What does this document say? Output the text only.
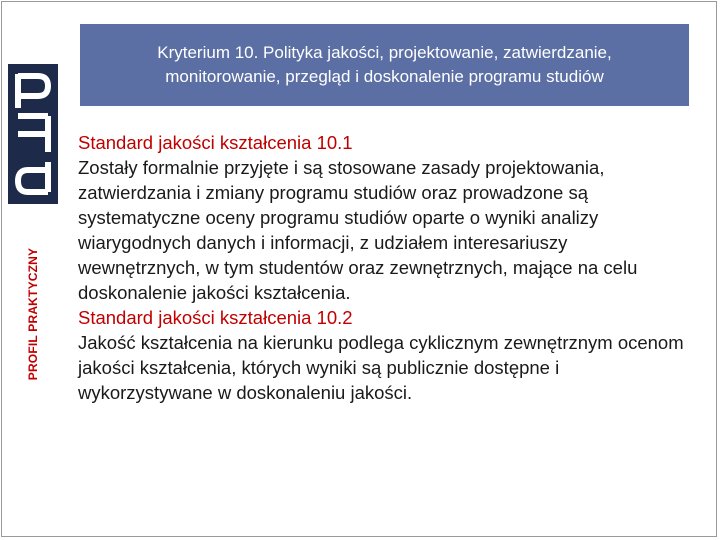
PROFIL PRAKTYCZNY
Kryterium 10. Polityka jakości, projektowanie, zatwierdzanie,
monitorowanie, przegląd i doskonalenie programu studiów

Standard jakości kształcenia 10.1

Zostały formalnie przyjęte i są stosowane zasady projektowania, zatwierdzania i zmiany programu studiów oraz prowadzone są systematyczne oceny programu studiów oparte o wyniki analizy wiarygodnych danych i informacji, z udziałem interesariuszy wewnętrznych, w tym studentów oraz zewnętrznych, mające na celu doskonalenie jakości kształcenia.

Standard jakości kształcenia 10.2

Jakość kształcenia na kierunku podlega cyklicznym zewnętrznym ocenom jakości kształcenia, których wyniki są publicznie dostępne i wykorzystywane w doskonaleniu jakości.
